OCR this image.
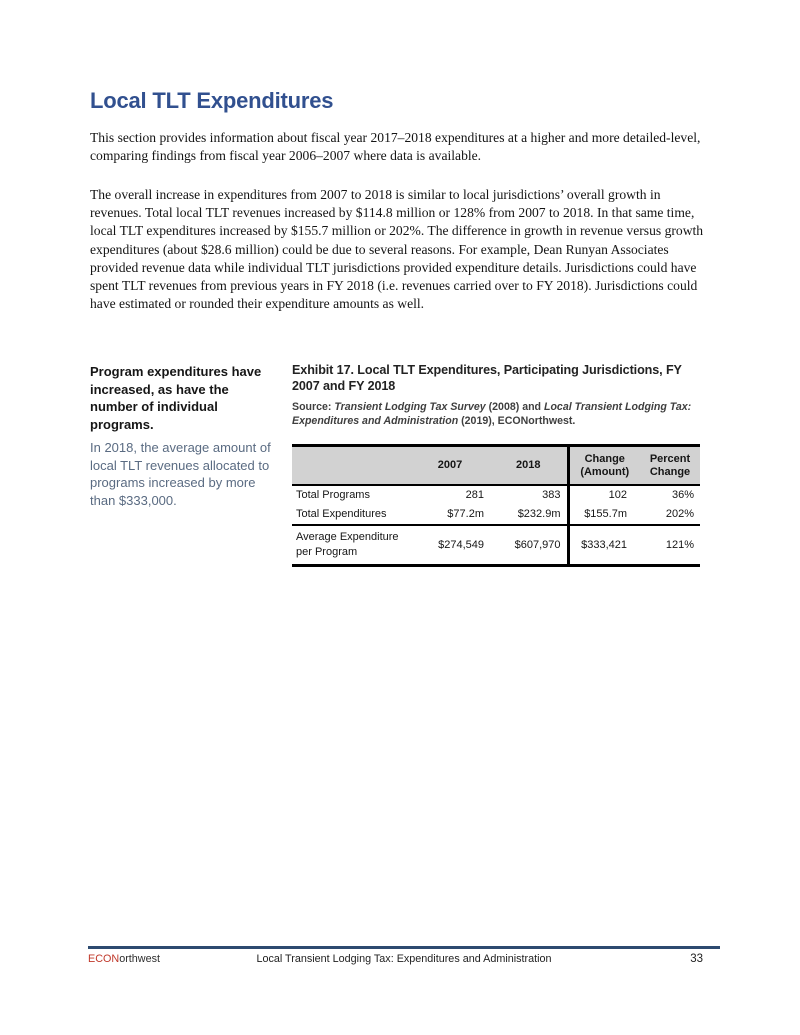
Local TLT Expenditures

This section provides information about fiscal year 2017–2018 expenditures at a higher and more detailed-level, comparing findings from fiscal year 2006–2007 where data is available.

The overall increase in expenditures from 2007 to 2018 is similar to local jurisdictions’ overall growth in revenues. Total local TLT revenues increased by $114.8 million or 128% from 2007 to 2018. In that same time, local TLT expenditures increased by $155.7 million or 202%. The difference in growth in revenue versus growth expenditures (about $28.6 million) could be due to several reasons. For example, Dean Runyan Associates provided revenue data while individual TLT jurisdictions provided expenditure details. Jurisdictions could have spent TLT revenues from previous years in FY 2018 (i.e. revenues carried over to FY 2018). Jurisdictions could have estimated or rounded their expenditure amounts as well.

Program expenditures have increased, as have the number of individual programs.

In 2018, the average amount of local TLT revenues allocated to programs increased by more than $333,000.

Exhibit 17. Local TLT Expenditures, Participating Jurisdictions, FY 2007 and FY 2018

Source: Transient Lodging Tax Survey (2008) and Local Transient Lodging Tax: Expenditures and Administration (2019), ECONorthwest.

	2007	2018	Change (Amount)	Percent Change
Total Programs	281	383	102	36%
Total Expenditures	$77.2m	$232.9m	$155.7m	202%
Average Expenditure per Program	$274,549	$607,970	$333,421	121%
ECONorthwest	Local Transient Lodging Tax: Expenditures and Administration	33
